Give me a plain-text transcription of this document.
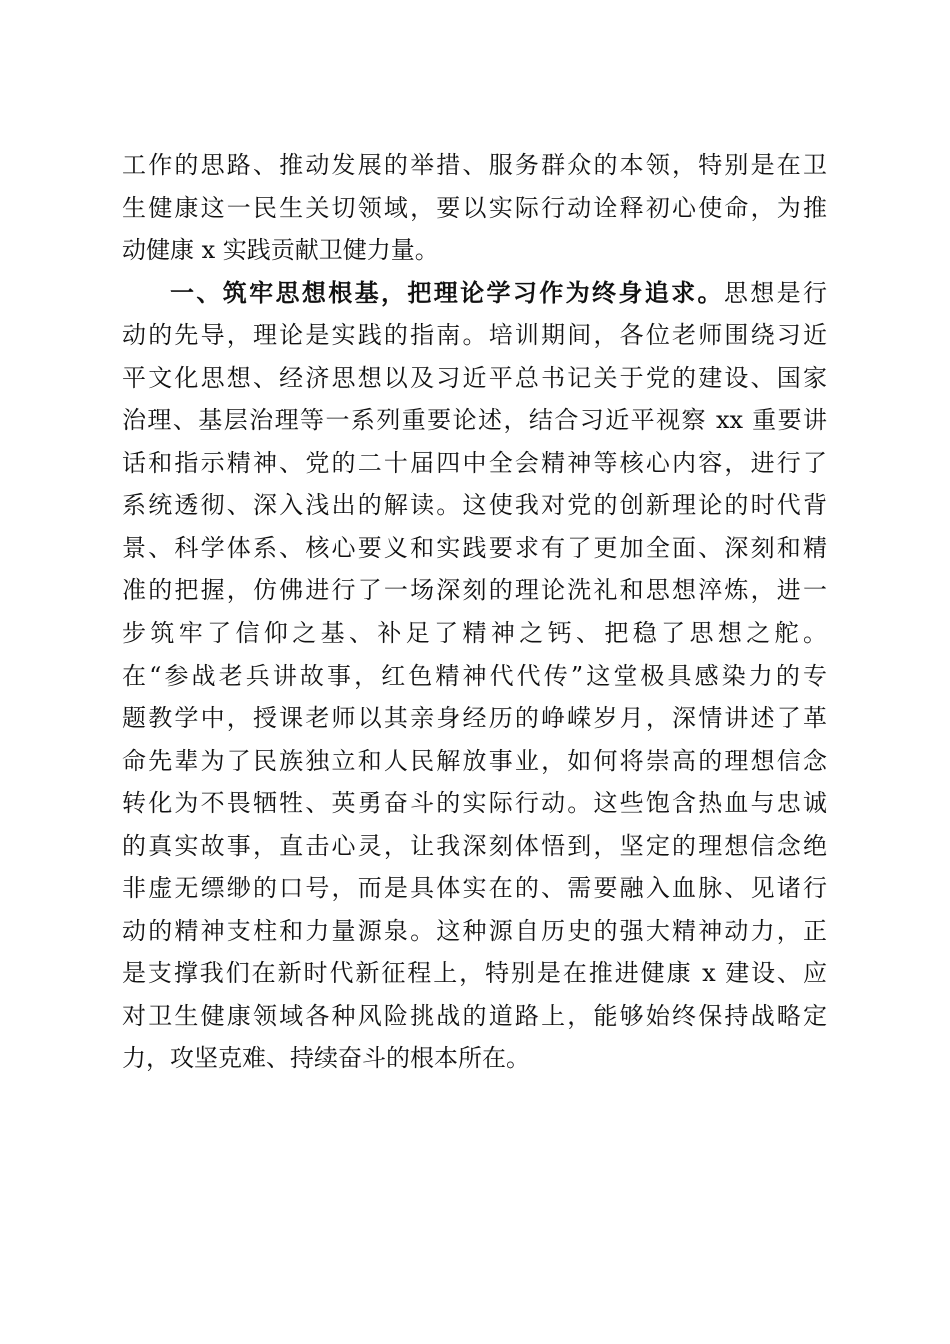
工作的思路、推动发展的举措、服务群众的本领，特别是在卫
生健康这一民生关切领域，要以实际行动诠释初心使命，为推
动健康 x 实践贡献卫健力量。
一、筑牢思想根基，把理论学习作为终身追求。思想是行
动的先导，理论是实践的指南。培训期间，各位老师围绕习近
平文化思想、经济思想以及习近平总书记关于党的建设、国家
治理、基层治理等一系列重要论述，结合习近平视察 xx 重要讲
话和指示精神、党的二十届四中全会精神等核心内容，进行了
系统透彻、深入浅出的解读。这使我对党的创新理论的时代背
景、科学体系、核心要义和实践要求有了更加全面、深刻和精
准的把握，仿佛进行了一场深刻的理论洗礼和思想淬炼，进一
步筑牢了信仰之基、补足了精神之钙、把稳了思想之舵。
在“参战老兵讲故事，红色精神代代传”这堂极具感染力的专
题教学中，授课老师以其亲身经历的峥嵘岁月，深情讲述了革
命先辈为了民族独立和人民解放事业，如何将崇高的理想信念
转化为不畏牺牲、英勇奋斗的实际行动。这些饱含热血与忠诚
的真实故事，直击心灵，让我深刻体悟到，坚定的理想信念绝
非虚无缥缈的口号，而是具体实在的、需要融入血脉、见诸行
动的精神支柱和力量源泉。这种源自历史的强大精神动力，正
是支撑我们在新时代新征程上，特别是在推进健康 x 建设、应
对卫生健康领域各种风险挑战的道路上，能够始终保持战略定
力，攻坚克难、持续奋斗的根本所在。
